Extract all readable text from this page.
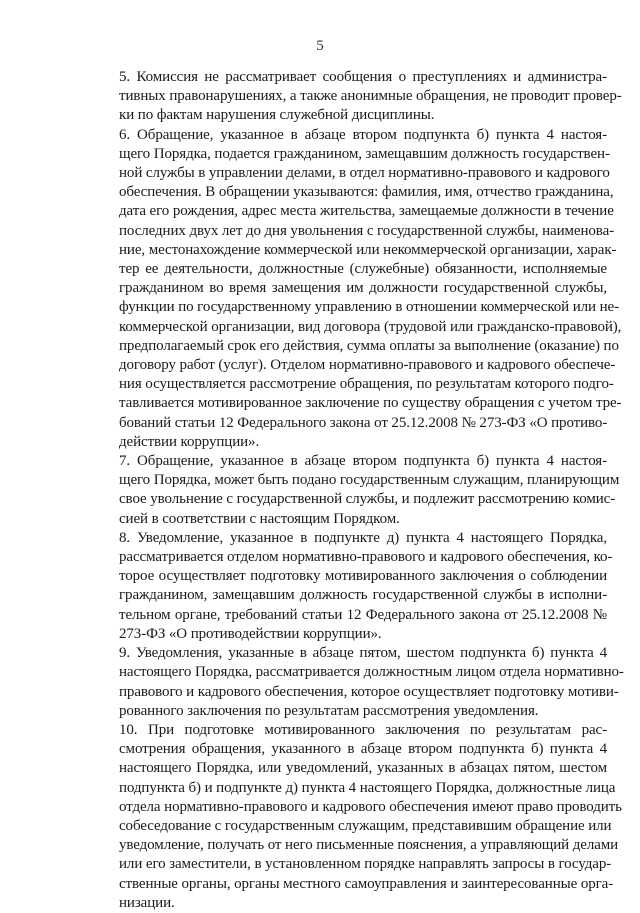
5
5. Комиссия не рассматривает сообщения о преступлениях и администра-
тивных правонарушениях, а также анонимные обращения, не проводит провер-
ки по фактам нарушения служебной дисциплины.
6. Обращение, указанное в абзаце втором подпункта б) пункта 4 настоя-
щего Порядка, подается гражданином, замещавшим должность государствен-
ной службы в управлении делами, в отдел нормативно-правового и кадрового
обеспечения. В обращении указываются: фамилия, имя, отчество гражданина,
дата его рождения, адрес места жительства, замещаемые должности в течение
последних двух лет до дня увольнения с государственной службы, наименова-
ние, местонахождение коммерческой или некоммерческой организации, харак-
тер ее деятельности, должностные (служебные) обязанности, исполняемые
гражданином во время замещения им должности государственной службы,
функции по государственному управлению в отношении коммерческой или не-
коммерческой организации, вид договора (трудовой или гражданско-правовой),
предполагаемый срок его действия, сумма оплаты за выполнение (оказание) по
договору работ (услуг). Отделом нормативно-правового и кадрового обеспече-
ния осуществляется рассмотрение обращения, по результатам которого подго-
тавливается мотивированное заключение по существу обращения с учетом тре-
бований статьи 12 Федерального закона от 25.12.2008 № 273-ФЗ «О противо-
действии коррупции».
7. Обращение, указанное в абзаце втором подпункта б) пункта 4 настоя-
щего Порядка, может быть подано государственным служащим, планирующим
свое увольнение с государственной службы, и подлежит рассмотрению комис-
сией в соответствии с настоящим Порядком.
8. Уведомление, указанное в подпункте д) пункта 4 настоящего Порядка,
рассматривается отделом нормативно-правового и кадрового обеспечения, ко-
торое осуществляет подготовку мотивированного заключения о соблюдении
гражданином, замещавшим должность государственной службы в исполни-
тельном органе, требований статьи 12 Федерального закона от 25.12.2008 №
273-ФЗ «О противодействии коррупции».
9. Уведомления, указанные в абзаце пятом, шестом подпункта б) пункта 4
настоящего Порядка, рассматривается должностным лицом отдела нормативно-
правового и кадрового обеспечения, которое осуществляет подготовку мотиви-
рованного заключения по результатам рассмотрения уведомления.
10. При подготовке мотивированного заключения по результатам рас-
смотрения обращения, указанного в абзаце втором подпункта б) пункта 4
настоящего Порядка, или уведомлений, указанных в абзацах пятом, шестом
подпункта б) и подпункте д) пункта 4 настоящего Порядка, должностные лица
отдела нормативно-правового и кадрового обеспечения имеют право проводить
собеседование с государственным служащим, представившим обращение или
уведомление, получать от него письменные пояснения, а управляющий делами
или его заместители, в установленном порядке направлять запросы в государ-
ственные органы, органы местного самоуправления и заинтересованные орга-
низации.
